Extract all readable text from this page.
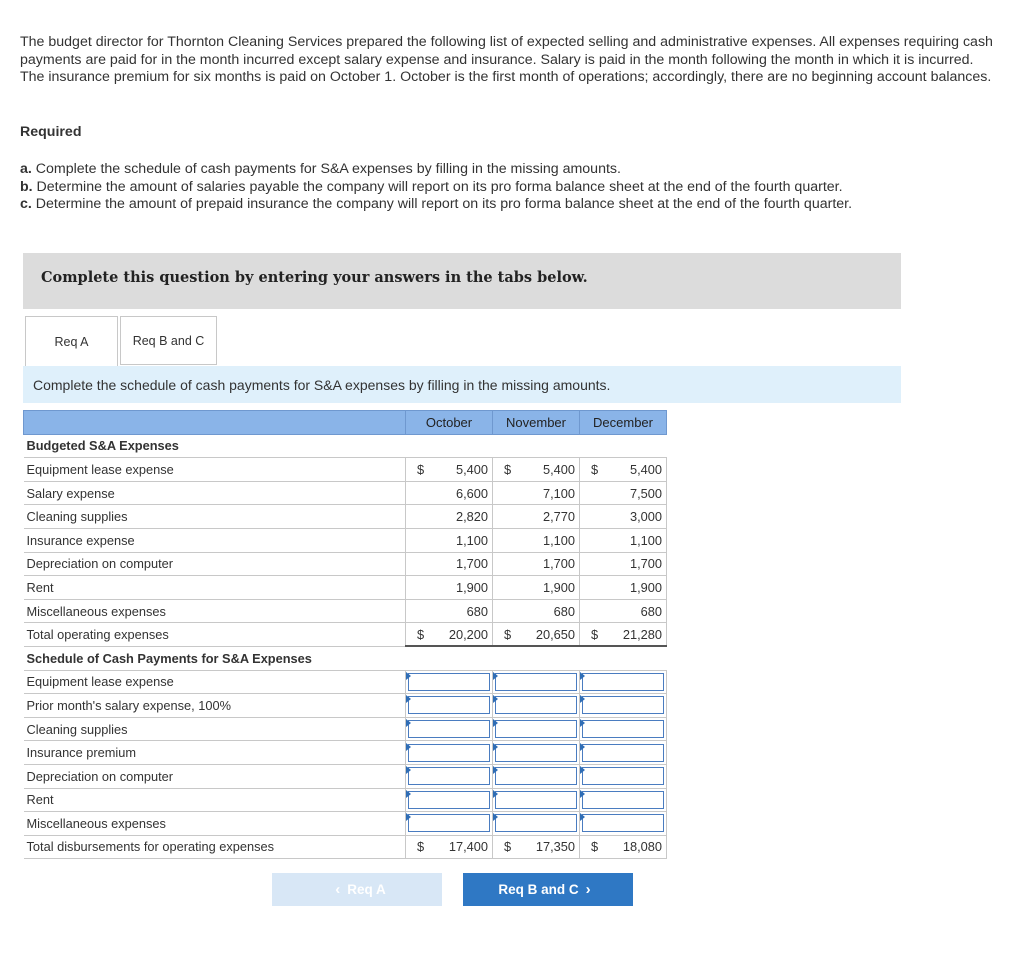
The budget director for Thornton Cleaning Services prepared the following list of expected selling and administrative expenses. All expenses requiring cash payments are paid for in the month incurred except salary expense and insurance. Salary is paid in the month following the month in which it is incurred. The insurance premium for six months is paid on October 1. October is the first month of operations; accordingly, there are no beginning account balances.
Required
a. Complete the schedule of cash payments for S&A expenses by filling in the missing amounts.
b. Determine the amount of salaries payable the company will report on its pro forma balance sheet at the end of the fourth quarter.
c. Determine the amount of prepaid insurance the company will report on its pro forma balance sheet at the end of the fourth quarter.
Complete this question by entering your answers in the tabs below.
Req A	Req B and C
Complete the schedule of cash payments for S&A expenses by filling in the missing amounts.
	October	November	December
Budgeted S&A Expenses			
Equipment lease expense	$ 5,400	$ 5,400	$ 5,400
Salary expense	6,600	7,100	7,500
Cleaning supplies	2,820	2,770	3,000
Insurance expense	1,100	1,100	1,100
Depreciation on computer	1,700	1,700	1,700
Rent	1,900	1,900	1,900
Miscellaneous expenses	680	680	680
Total operating expenses	$ 20,200	$ 20,650	$ 21,280
Schedule of Cash Payments for S&A Expenses			
Equipment lease expense	

Prior month's salary expense, 100%	

Cleaning supplies	

Insurance premium	

Depreciation on computer	

Rent	

Miscellaneous expenses	

Total disbursements for operating expenses	$ 17,400	$ 17,350	$ 18,080
‹ Req A	Req B and C ›
